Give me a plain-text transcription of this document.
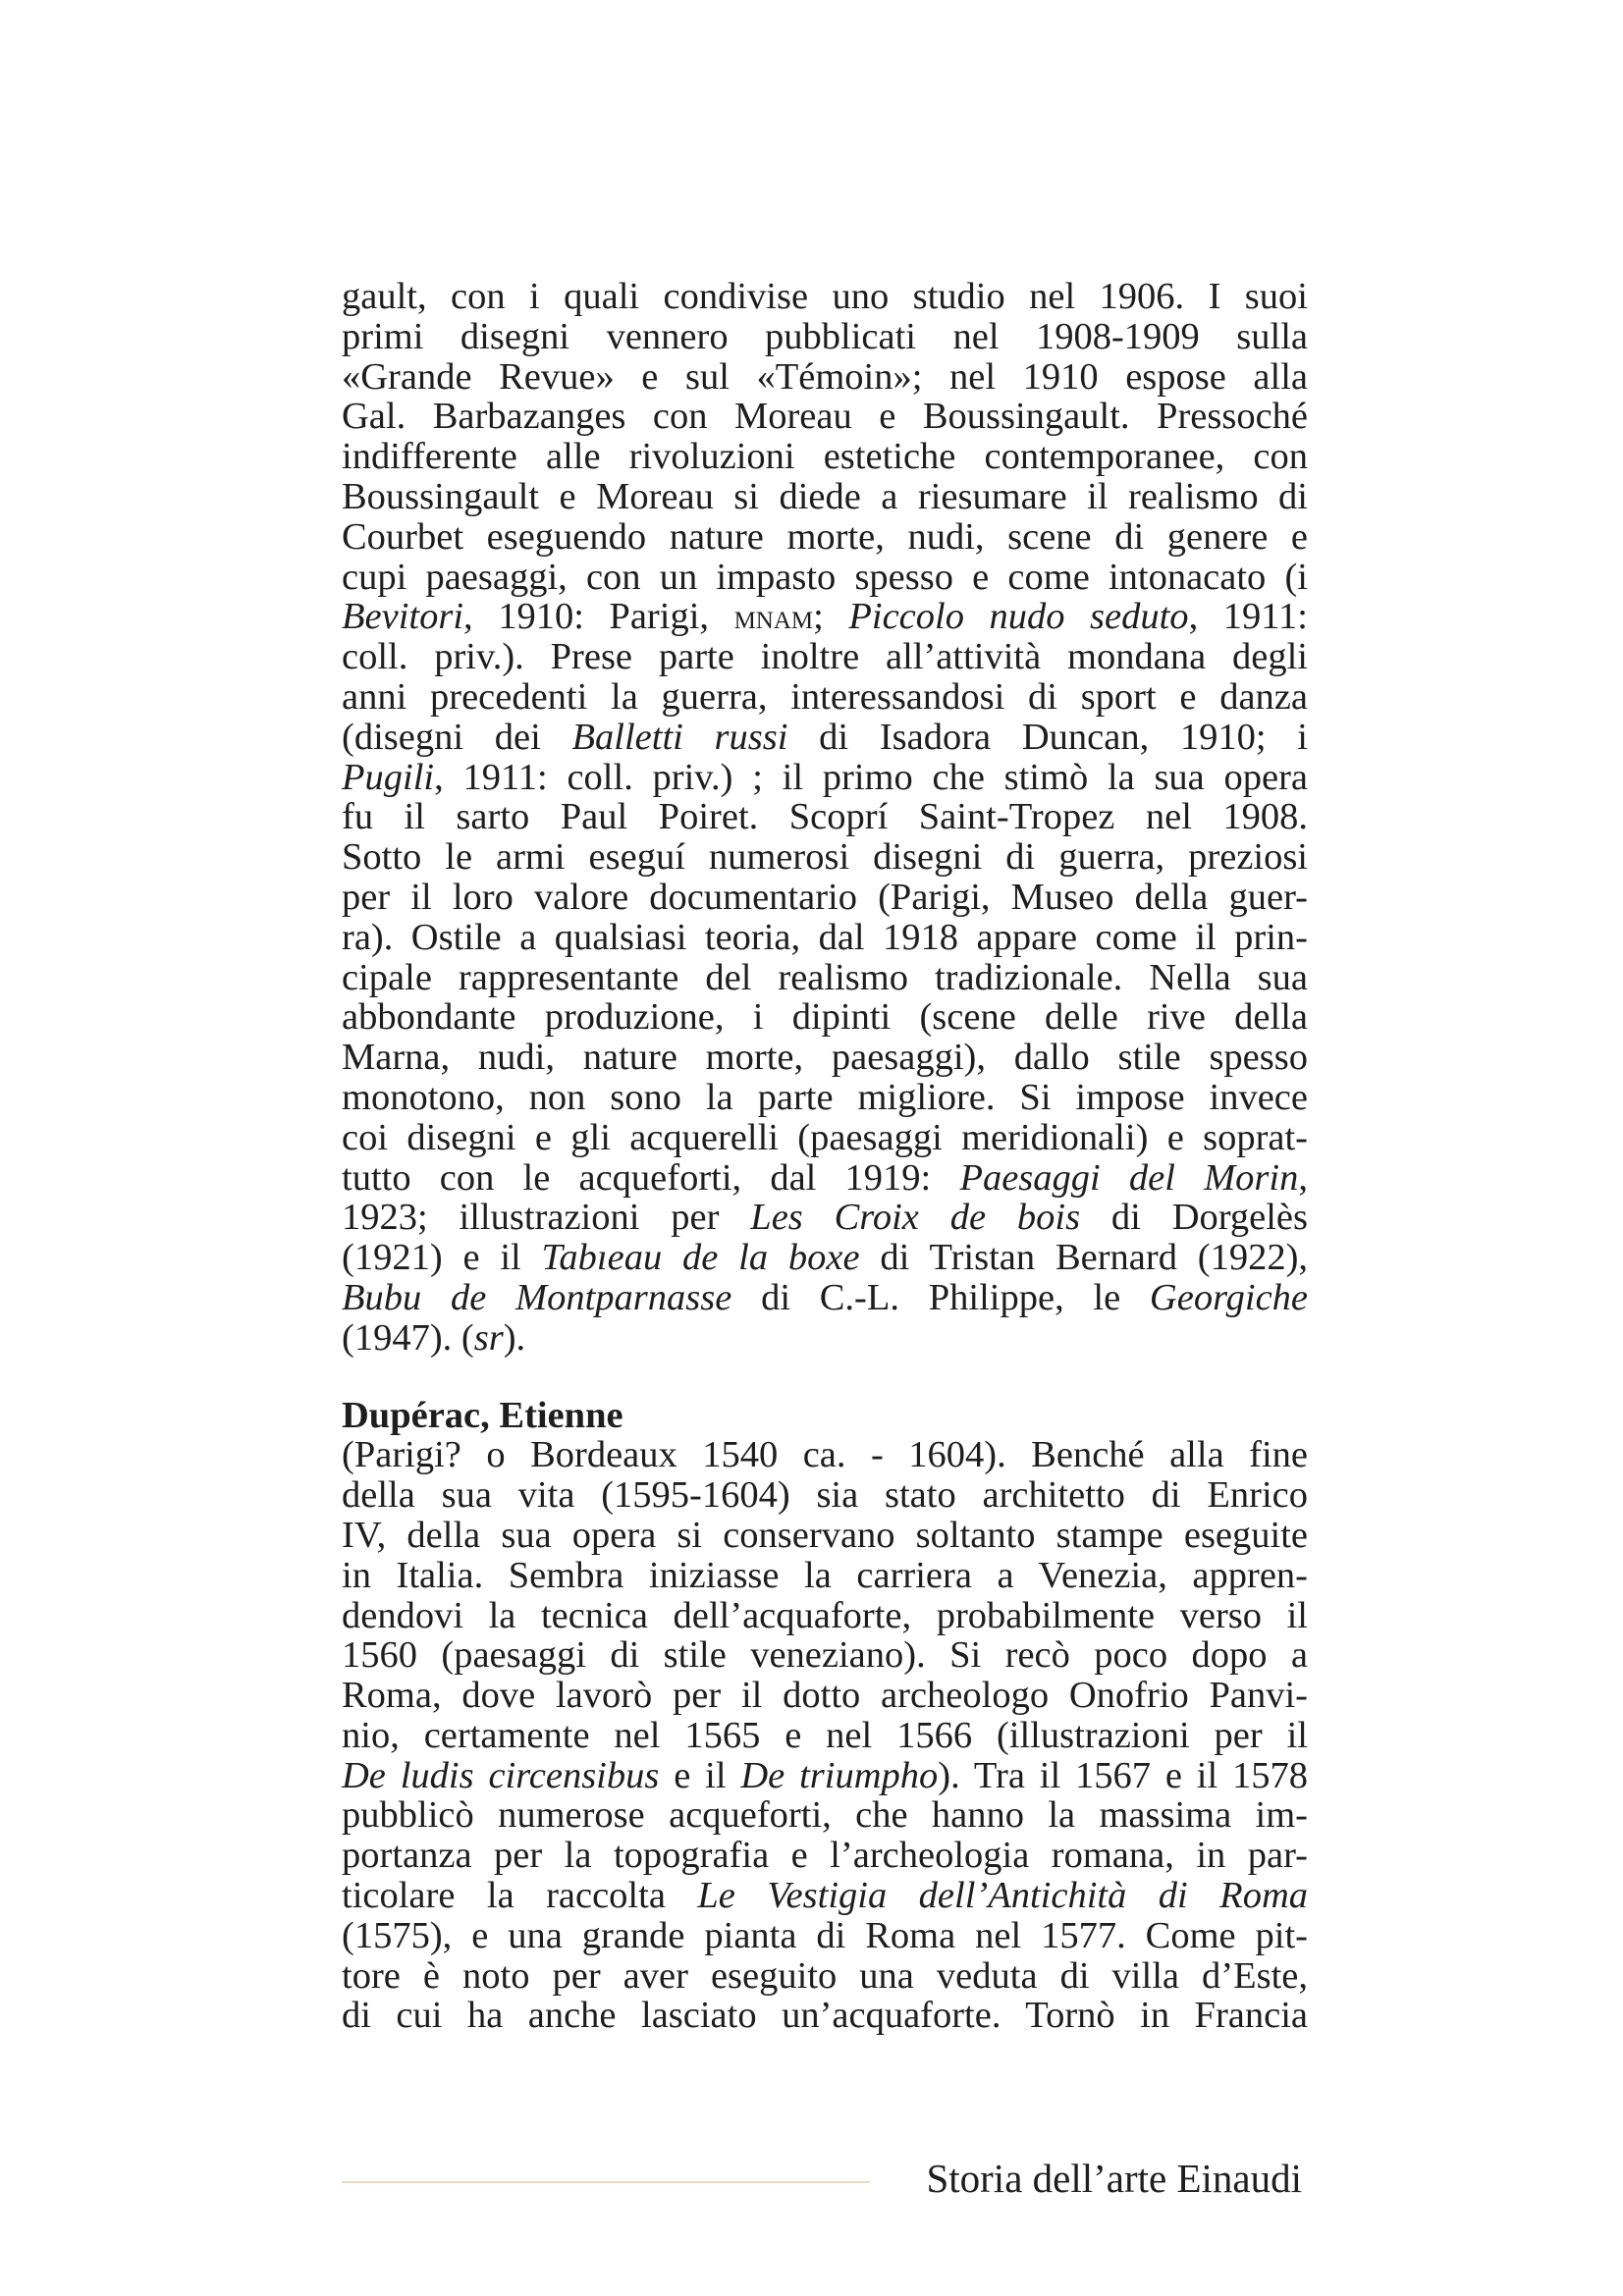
gault, con i quali condivise uno studio nel 1906. I suoi
primi disegni vennero pubblicati nel 1908-1909 sulla
«Grande Revue» e sul «Témoin»; nel 1910 espose alla
Gal. Barbazanges con Moreau e Boussingault. Pressoché
indifferente alle rivoluzioni estetiche contemporanee, con
Boussingault e Moreau si diede a riesumare il realismo di
Courbet eseguendo nature morte, nudi, scene di genere e
cupi paesaggi, con un impasto spesso e come intonacato (i
Bevitori, 1910: Parigi, mnam; Piccolo nudo seduto, 1911:
coll. priv.). Prese parte inoltre all’attività mondana degli
anni precedenti la guerra, interessandosi di sport e danza
(disegni dei Balletti russi di Isadora Duncan, 1910; i
Pugili, 1911: coll. priv.) ; il primo che stimò la sua opera
fu il sarto Paul Poiret. Scoprí Saint-Tropez nel 1908.
Sotto le armi eseguí numerosi disegni di guerra, preziosi
per il loro valore documentario (Parigi, Museo della guer-
ra). Ostile a qualsiasi teoria, dal 1918 appare come il prin-
cipale rappresentante del realismo tradizionale. Nella sua
abbondante produzione, i dipinti (scene delle rive della
Marna, nudi, nature morte, paesaggi), dallo stile spesso
monotono, non sono la parte migliore. Si impose invece
coi disegni e gli acquerelli (paesaggi meridionali) e soprat-
tutto con le acqueforti, dal 1919: Paesaggi del Morin,
1923; illustrazioni per Les Croix de bois di Dorgelès
(1921) e il Tabıeau de la boxe di Tristan Bernard (1922),
Bubu de Montparnasse di C.-L. Philippe, le Georgiche
(1947). (sr).
Dupérac, Etienne
(Parigi? o Bordeaux 1540 ca. - 1604). Benché alla fine
della sua vita (1595-1604) sia stato architetto di Enrico
IV, della sua opera si conservano soltanto stampe eseguite
in Italia. Sembra iniziasse la carriera a Venezia, appren-
dendovi la tecnica dell’acquaforte, probabilmente verso il
1560 (paesaggi di stile veneziano). Si recò poco dopo a
Roma, dove lavorò per il dotto archeologo Onofrio Panvi-
nio, certamente nel 1565 e nel 1566 (illustrazioni per il
De ludis circensibus e il De triumpho). Tra il 1567 e il 1578
pubblicò numerose acqueforti, che hanno la massima im-
portanza per la topografia e l’archeologia romana, in par-
ticolare la raccolta Le Vestigia dell’Antichità di Roma
(1575), e una grande pianta di Roma nel 1577. Come pit-
tore è noto per aver eseguito una veduta di villa d’Este,
di cui ha anche lasciato un’acquaforte. Tornò in Francia
Storia dell’arte Einaudi
